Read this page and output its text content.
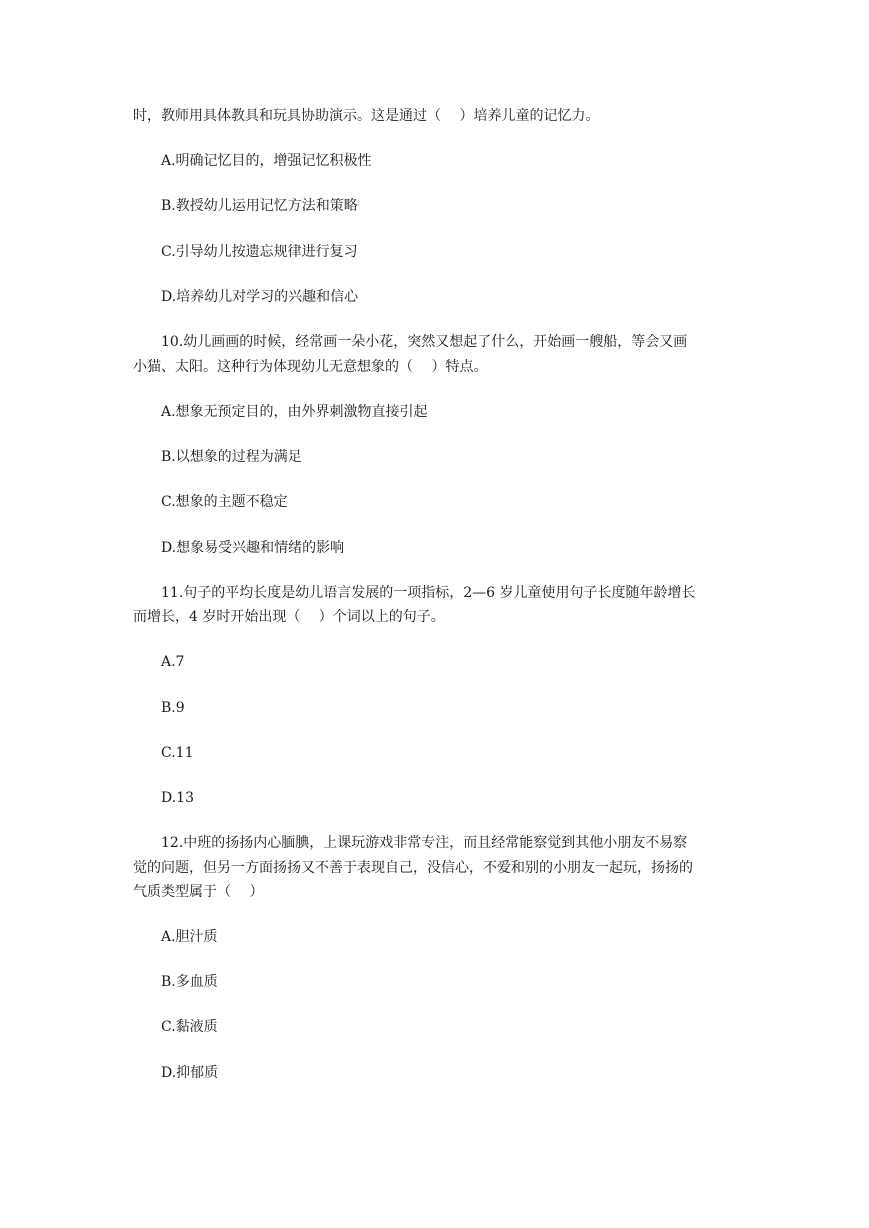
时，教师用具体教具和玩具协助演示。这是通过（　 ）培养儿童的记忆力。
A.明确记忆目的，增强记忆积极性
B.教授幼儿运用记忆方法和策略
C.引导幼儿按遗忘规律进行复习
D.培养幼儿对学习的兴趣和信心
10.幼儿画画的时候，经常画一朵小花，突然又想起了什么，开始画一艘船，等会又画
小猫、太阳。这种行为体现幼儿无意想象的（　 ）特点。
A.想象无预定目的，由外界刺激物直接引起
B.以想象的过程为满足
C.想象的主题不稳定
D.想象易受兴趣和情绪的影响
11.句子的平均长度是幼儿语言发展的一项指标，2—6 岁儿童使用句子长度随年龄增长
而增长，4 岁时开始出现（　 ）个词以上的句子。
A.7
B.9
C.11
D.13
12.中班的扬扬内心腼腆，上课玩游戏非常专注，而且经常能察觉到其他小朋友不易察
觉的问题，但另一方面扬扬又不善于表现自己，没信心，不爱和别的小朋友一起玩，扬扬的
气质类型属于（　 ）
A.胆汁质
B.多血质
C.黏液质
D.抑郁质
